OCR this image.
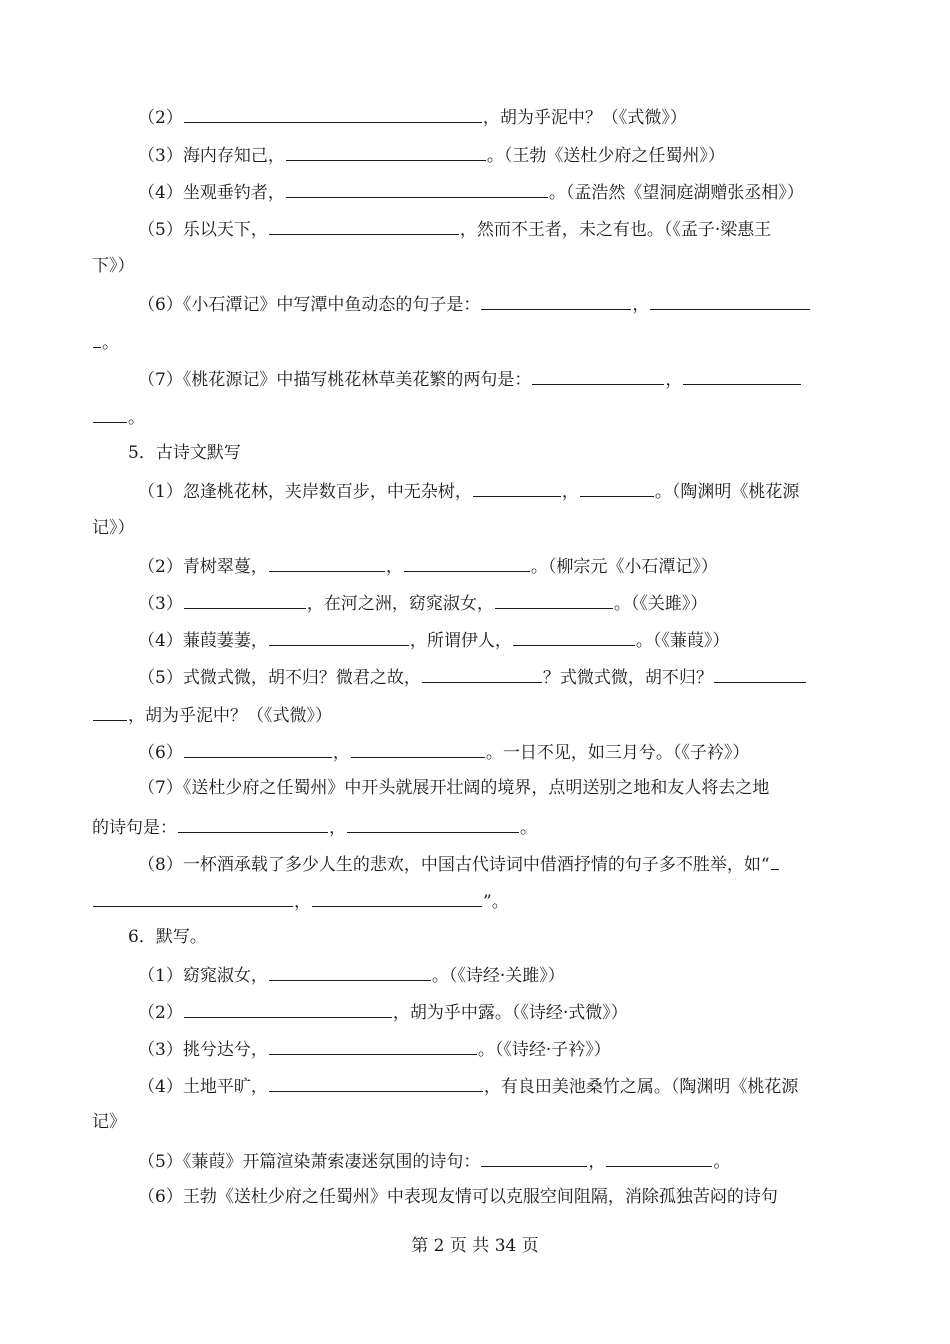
（2）	，胡为乎泥中？（《式微》）
（3）海内存知己，	。（王勃《送杜少府之任蜀州》）
（4）坐观垂钓者，	。（孟浩然《望洞庭湖赠张丞相》）
（5）乐以天下，	，然而不王者，未之有也。（《孟子·梁惠王
下》）
（6）《小石潭记》中写潭中鱼动态的句子是：	，
。
（7）《桃花源记》中描写桃花林草美花繁的两句是：	，
。
5．古诗文默写
（1）忽逢桃花林，夹岸数百步，中无杂树，	，	。（陶渊明《桃花源
记》）
（2）青树翠蔓，	，	。（柳宗元《小石潭记》）
（3）	，在河之洲，窈窕淑女，	。（《关雎》）
（4）蒹葭萋萋，	，所谓伊人，	。（《蒹葭》）
（5）式微式微，胡不归？微君之故，	？式微式微，胡不归？
，胡为乎泥中？（《式微》）
（6）	，	。一日不见，如三月兮。（《子衿》）
（7）《送杜少府之任蜀州》中开头就展开壮阔的境界，点明送别之地和友人将去之地
的诗句是：	，	。
（8）一杯酒承载了多少人生的悲欢，中国古代诗词中借酒抒情的句子多不胜举，如“
，	”。
6．默写。
（1）窈窕淑女，	。（《诗经·关雎》）
（2）	，胡为乎中露。（《诗经·式微》）
（3）挑兮达兮，	。（《诗经·子衿》）
（4）土地平旷，	，有良田美池桑竹之属。（陶渊明《桃花源
记》
（5）《蒹葭》开篇渲染萧索凄迷氛围的诗句：	，	。
（6）王勃《送杜少府之任蜀州》中表现友情可以克服空间阻隔，消除孤独苦闷的诗句
第 2 页 共 34 页
